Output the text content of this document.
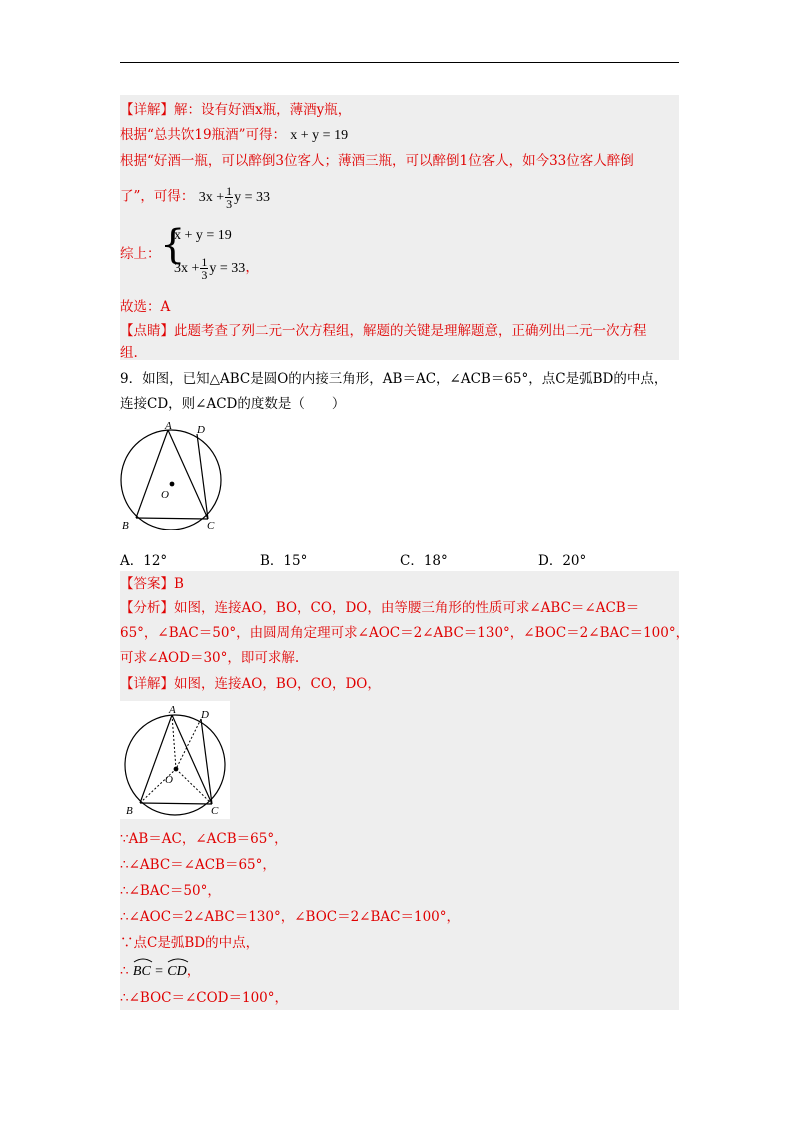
【详解】解：设有好酒x瓶，薄酒y瓶，
根据“总共饮19瓶酒”可得： x + y = 19
根据“好酒一瓶，可以醉倒3位客人；薄酒三瓶，可以醉倒1位客人，如今33位客人醉倒
了”，可得： $3x + \frac{1}{3}$ y = 33
综上： {
x + y = 19
$3x + \frac{1}{3}$ y = 33，
故选：A
【点睛】此题考查了列二元一次方程组，解题的关键是理解题意，正确列出二元一次方程
组.
9．如图，已知△ABC是圆O的内接三角形，AB＝AC，∠ACB＝65°，点C是弧BD的中点，
连接CD，则∠ACD的度数是（　　）
A D
O
B	C
A．12°	B．15°	C．18°	D．20°
【答案】B
【分析】如图，连接AO，BO，CO，DO，由等腰三角形的性质可求∠ABC＝∠ACB＝
65°，∠BAC＝50°，由圆周角定理可求∠AOC＝2∠ABC＝130°，∠BOC＝2∠BAC＝100°，
可求∠AOD＝30°，即可求解.
【详解】如图，连接AO，BO，CO，DO，
A D
O
B	C
∵AB＝AC，∠ACB＝65°，
∴∠ABC＝∠ACB＝65°，
∴∠BAC＝50°，
∴∠AOC＝2∠ABC＝130°，∠BOC＝2∠BAC＝100°，
∵点C是弧BD的中点，
∴ BC = CD，
∴∠BOC＝∠COD＝100°，
